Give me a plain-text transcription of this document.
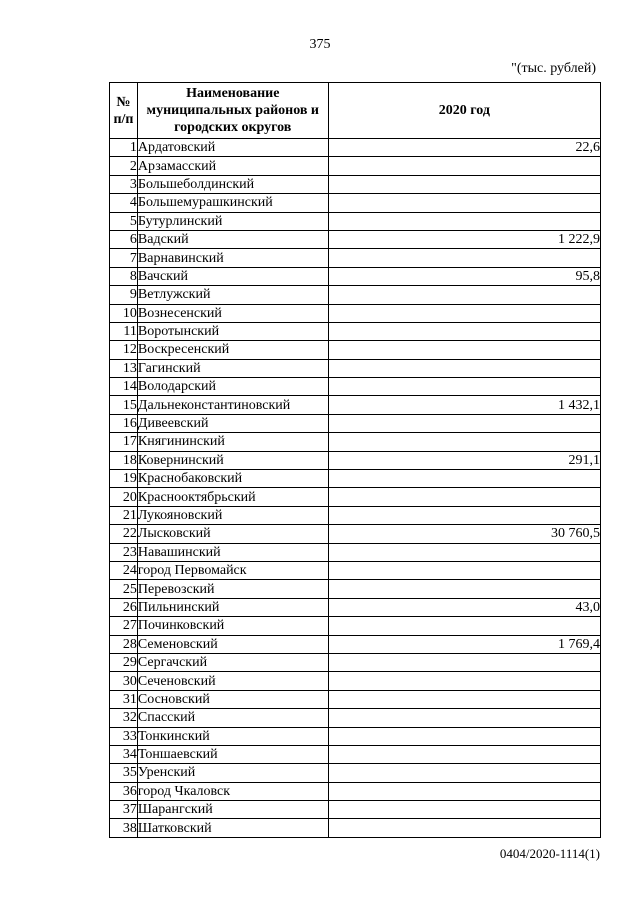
375
"(тыс. рублей)
№ п/п	Наименование муниципальных районов и городских округов	2020 год
1	Ардатовский	22,6
2	Арзамасский	
3	Большеболдинский	
4	Большемурашкинский	
5	Бутурлинский	
6	Вадский	1 222,9
7	Варнавинский	
8	Вачский	95,8
9	Ветлужский	
10	Вознесенский	
11	Воротынский	
12	Воскресенский	
13	Гагинский	
14	Володарский	
15	Дальнеконстантиновский	1 432,1
16	Дивеевский	
17	Княгининский	
18	Ковернинский	291,1
19	Краснобаковский	
20	Краснооктябрьский	
21	Лукояновский	
22	Лысковский	30 760,5
23	Навашинский	
24	город Первомайск	
25	Перевозский	
26	Пильнинский	43,0
27	Починковский	
28	Семеновский	1 769,4
29	Сергачский	
30	Сеченовский	
31	Сосновский	
32	Спасский	
33	Тонкинский	
34	Тоншаевский	
35	Уренский	
36	город Чкаловск	
37	Шарангский	
38	Шатковский	
0404/2020-1114(1)
